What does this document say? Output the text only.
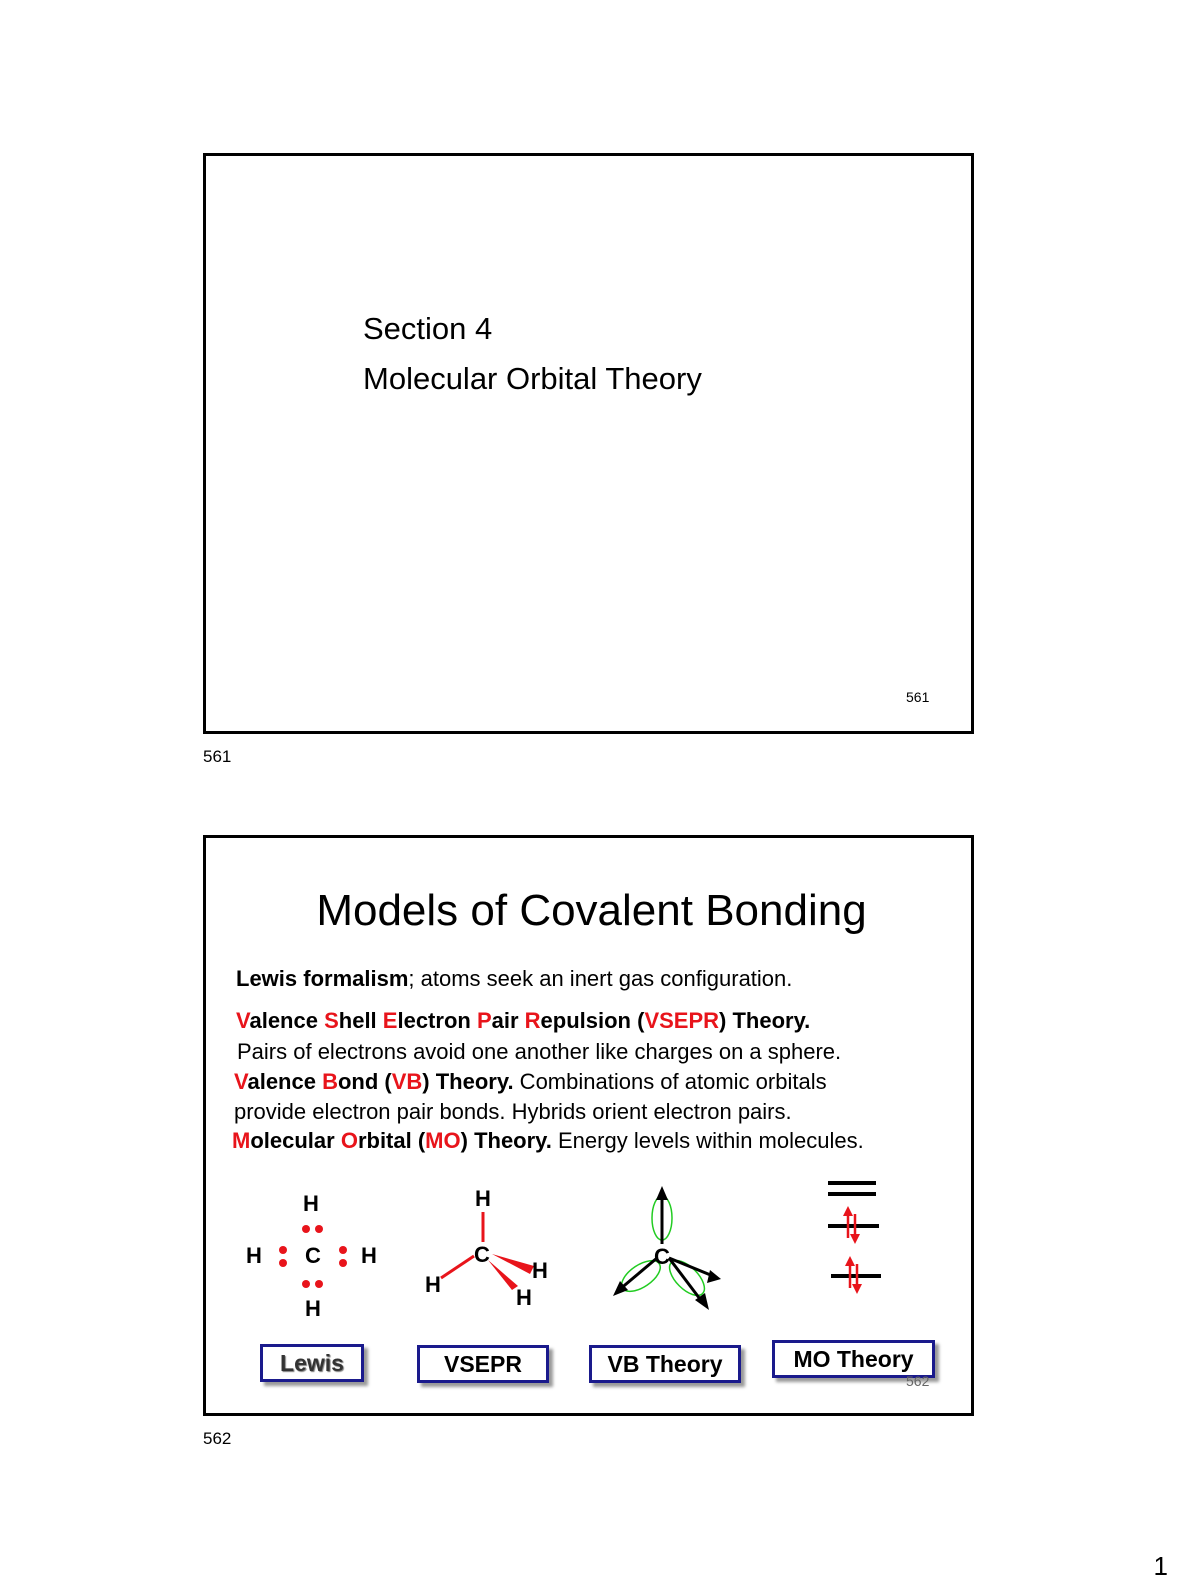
Section 4
Molecular Orbital Theory
561
561
Models of Covalent Bonding
Lewis formalism; atoms seek an inert gas configuration.
Valence Shell Electron Pair Repulsion (VSEPR) Theory.
Pairs of electrons avoid one another like charges on a sphere.
Valence Bond (VB) Theory. Combinations of atomic orbitals
provide electron pair bonds. Hybrids orient electron pairs.
Molecular Orbital (MO) Theory. Energy levels within molecules.
H
H C H
H
H
C
H
H
H
C
Lewis	VSEPR	VB Theory	MO Theory
562
562
1
